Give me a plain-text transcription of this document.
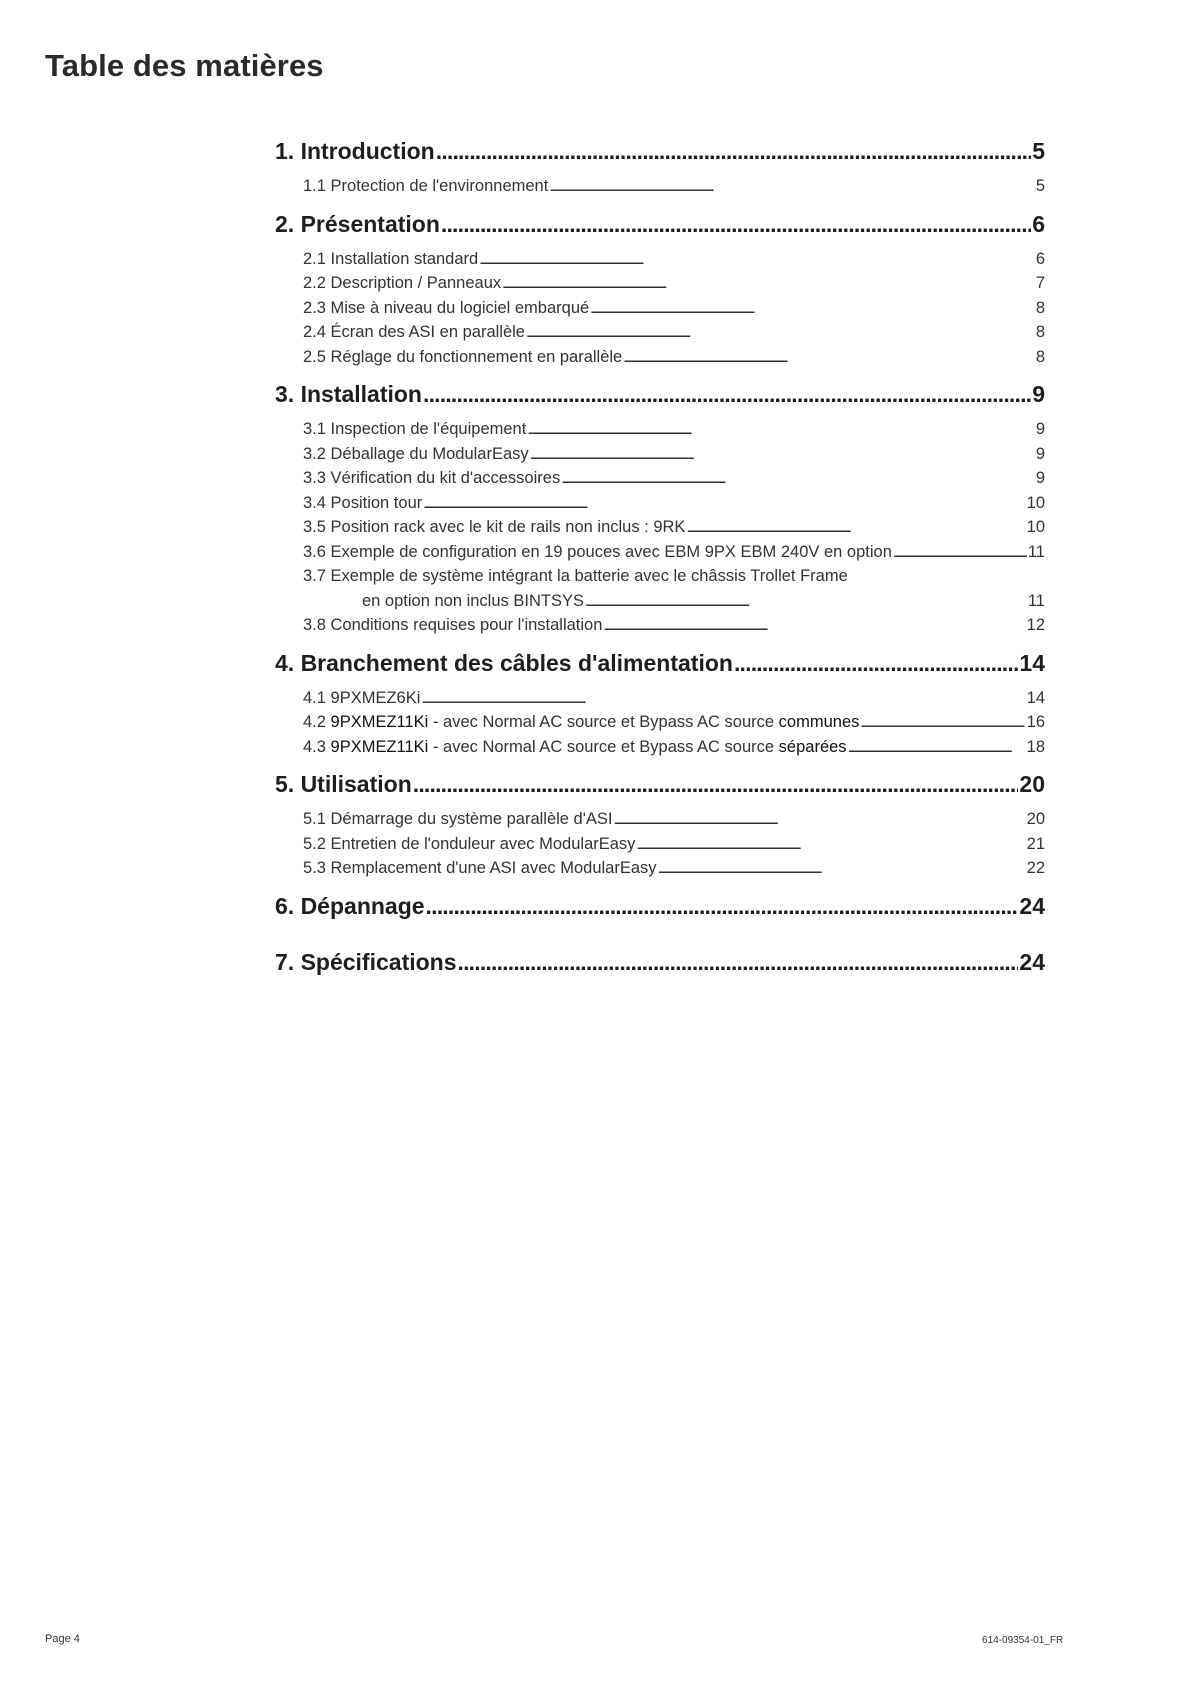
Table des matières
1. Introduction . . .	5
1.1 Protection de l'environnement . . .	5
2. Présentation . . .	6
2.1 Installation standard . . .	6
2.2 Description / Panneaux . . .	7
2.3 Mise à niveau du logiciel embarqué . . .	8
2.4 Écran des ASI en parallèle . . .	8
2.5 Réglage du fonctionnement en parallèle . . .	8
3. Installation . . .	9
3.1 Inspection de l'équipement . . .	9
3.2 Déballage du ModularEasy . . .	9
3.3 Vérification du kit d'accessoires . . .	9
3.4 Position tour . . .	10
3.5 Position rack avec le kit de rails non inclus : 9RK . . .	10
3.6 Exemple de configuration en 19 pouces avec EBM 9PX EBM 240V en option . . .	11
3.7 Exemple de système intégrant la batterie avec le châssis Trollet Frame
en option non inclus BINTSYS . . .	11
3.8 Conditions requises pour l'installation . . .	12
4. Branchement des câbles d'alimentation . . .	14
4.1 9PXMEZ6Ki . . .	14
4.2 9PXMEZ11Ki - avec Normal AC source et Bypass AC source communes . . .	16
4.3 9PXMEZ11Ki - avec Normal AC source et Bypass AC source séparées . . .	18
5. Utilisation . . .	20
5.1 Démarrage du système parallèle d'ASI . . .	20
5.2 Entretien de l'onduleur avec ModularEasy . . .	21
5.3 Remplacement d'une ASI avec ModularEasy . . .	22
6. Dépannage . . .	24
7. Spécifications . . .	24
Page 4	614-09354-01_FR
